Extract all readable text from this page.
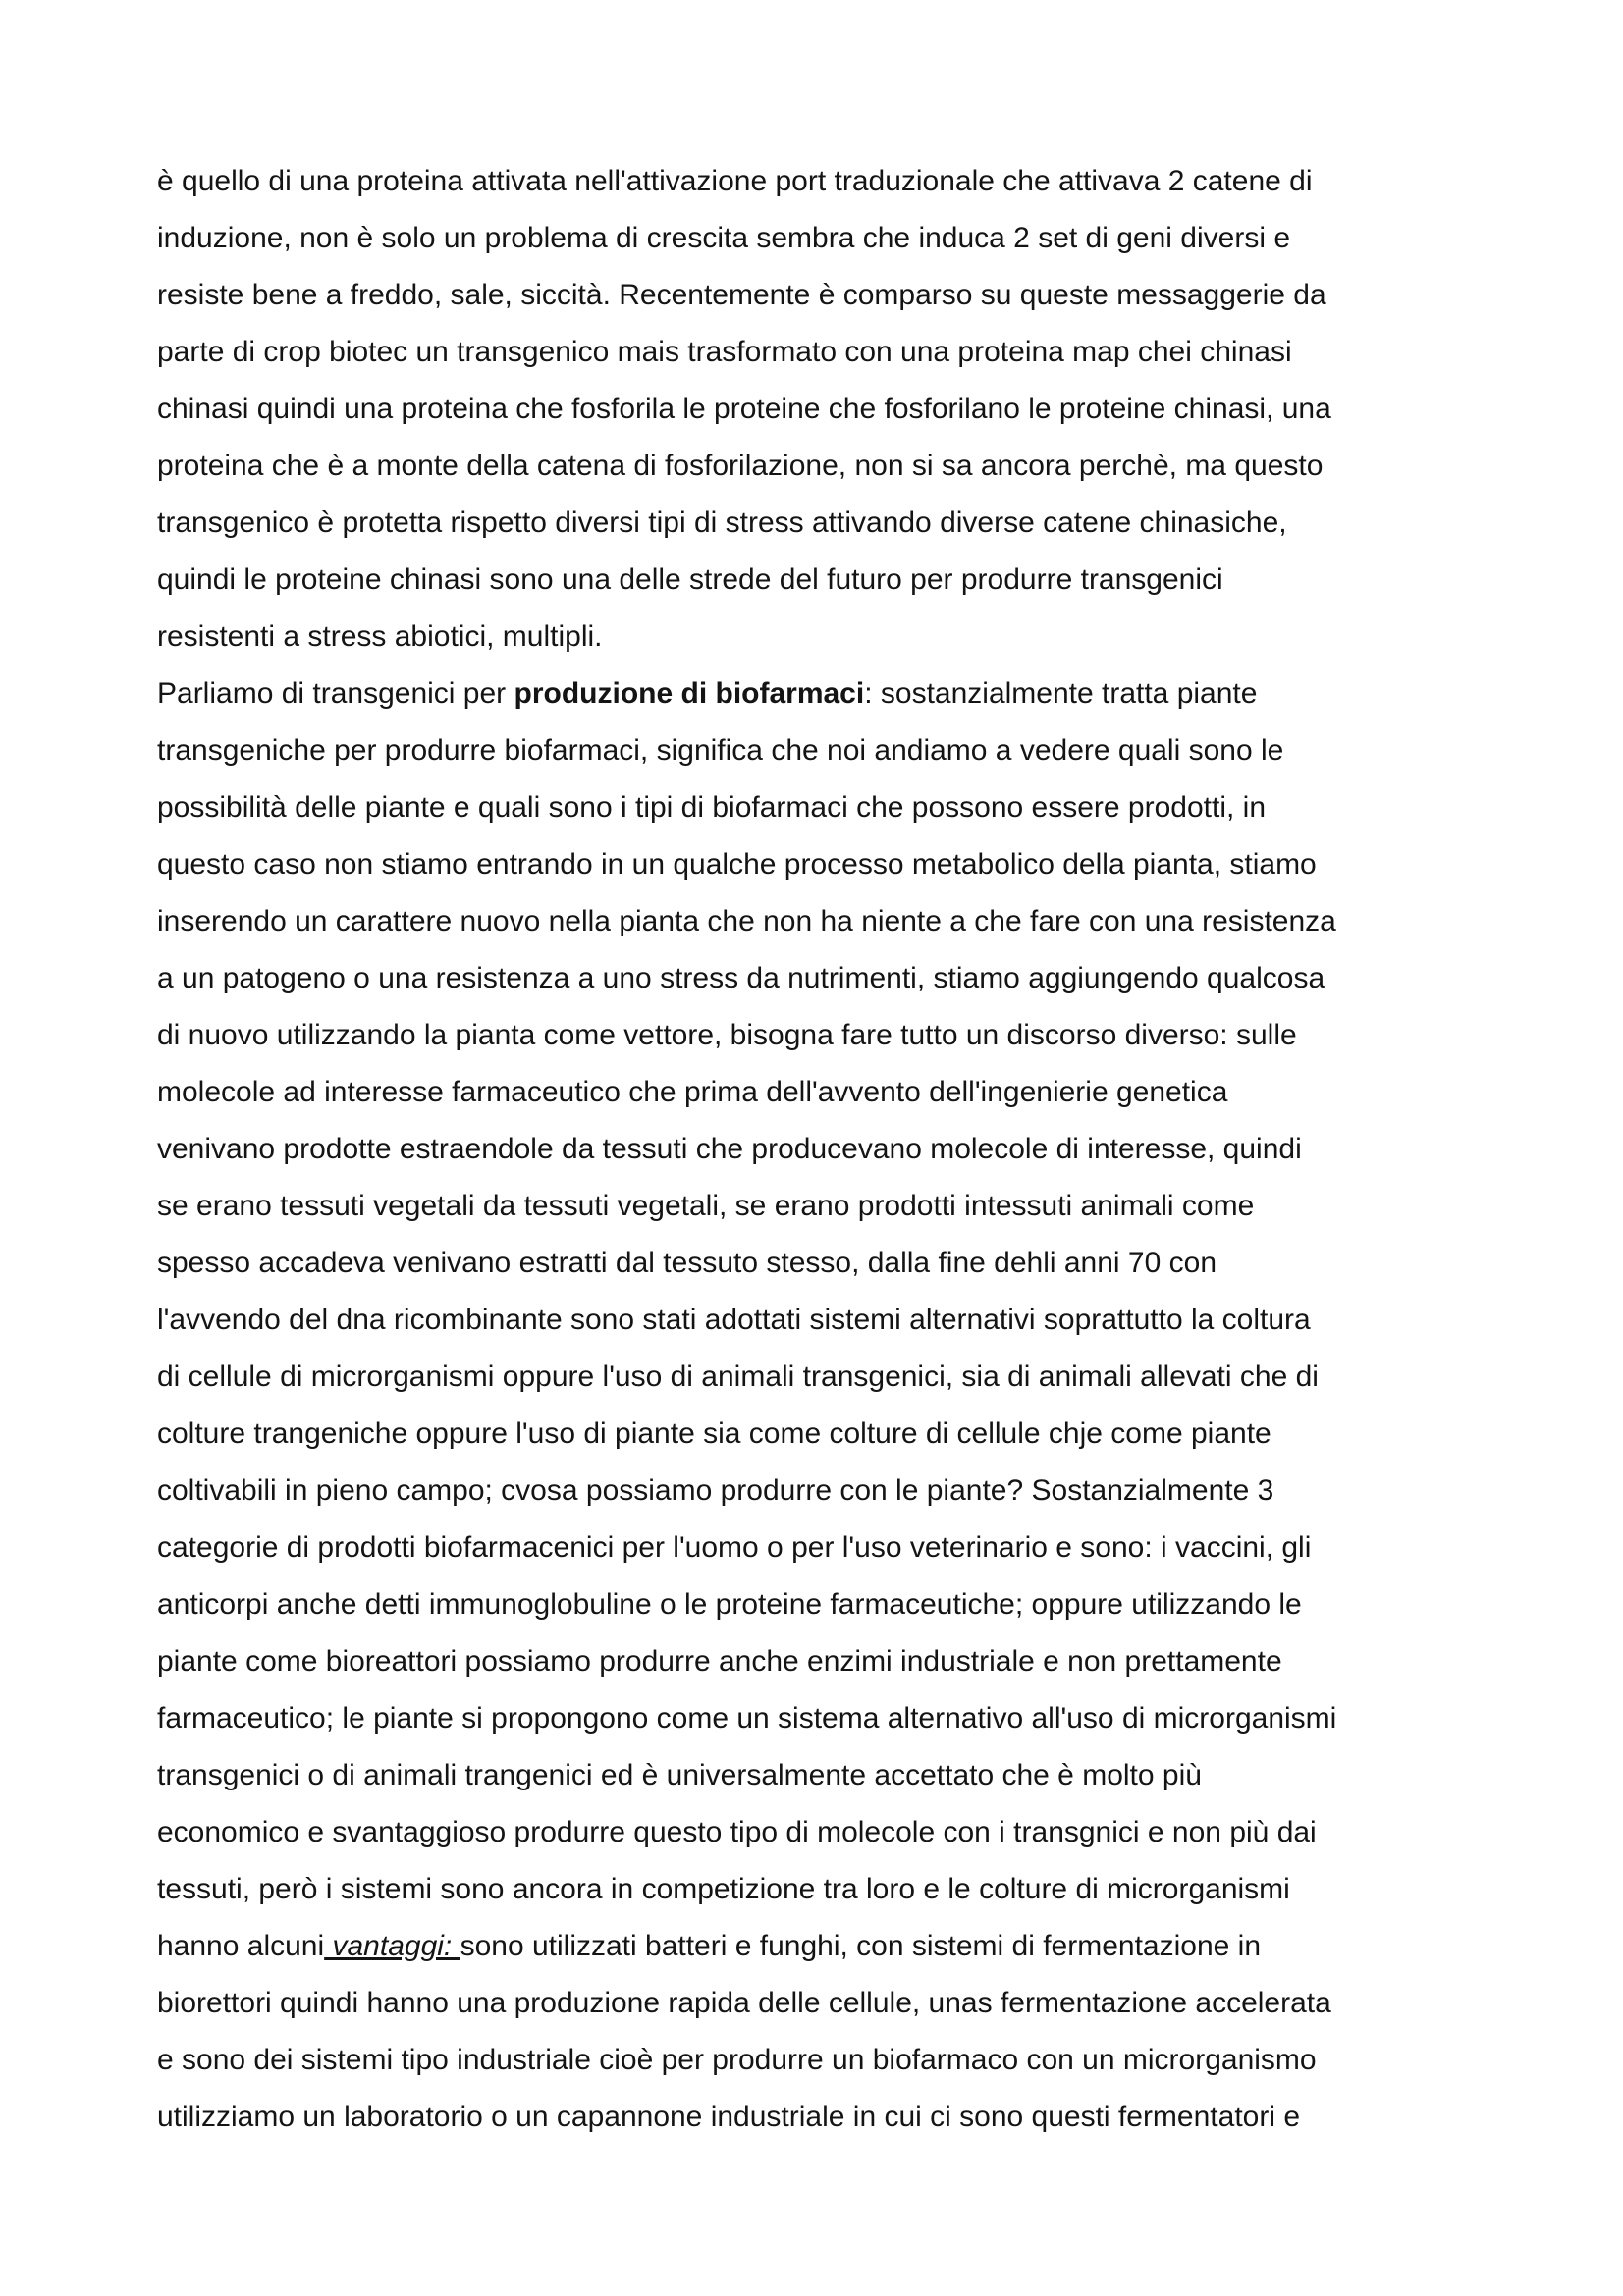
è quello di una proteina attivata nell'attivazione port traduzionale che attivava 2 catene di
induzione, non è solo un problema di crescita sembra che induca 2 set di geni diversi e
resiste bene a freddo, sale, siccità. Recentemente è comparso su queste messaggerie da
parte di crop biotec un transgenico mais trasformato con una proteina map chei chinasi
chinasi quindi una proteina che fosforila le proteine che fosforilano le proteine chinasi, una
proteina che è a monte della catena di fosforilazione, non si sa ancora perchè, ma questo
transgenico è protetta rispetto diversi tipi di stress attivando diverse catene chinasiche,
quindi le proteine chinasi sono una delle strede del futuro per produrre transgenici
resistenti a stress abiotici, multipli.
Parliamo di transgenici per produzione di biofarmaci: sostanzialmente tratta piante
transgeniche per produrre biofarmaci, significa che noi andiamo a vedere quali sono le
possibilità delle piante e quali sono i tipi di biofarmaci che possono essere prodotti, in
questo caso non stiamo entrando in un qualche processo metabolico della pianta, stiamo
inserendo un carattere nuovo nella pianta che non ha niente a che fare con una resistenza
a un patogeno o una resistenza a uno stress da nutrimenti, stiamo aggiungendo qualcosa
di nuovo utilizzando la pianta come vettore, bisogna fare tutto un discorso diverso: sulle
molecole ad interesse farmaceutico che prima dell'avvento dell'ingenierie genetica
venivano prodotte estraendole da tessuti che producevano molecole di interesse, quindi
se erano tessuti vegetali da tessuti vegetali, se erano prodotti intessuti animali come
spesso accadeva venivano estratti dal tessuto stesso, dalla fine dehli anni 70 con
l'avvendo del dna ricombinante sono stati adottati sistemi alternativi soprattutto la coltura
di cellule di microrganismi oppure l'uso di animali transgenici, sia di animali allevati che di
colture trangeniche oppure l'uso di piante sia come colture di cellule chje come piante
coltivabili in pieno campo; cvosa possiamo produrre con le piante? Sostanzialmente 3
categorie di prodotti biofarmacenici per l'uomo o per l'uso veterinario e sono: i vaccini, gli
anticorpi anche detti immunoglobuline o le proteine farmaceutiche; oppure utilizzando le
piante come bioreattori possiamo produrre anche enzimi industriale e non prettamente
farmaceutico; le piante si propongono come un sistema alternativo all'uso di microrganismi
transgenici o di animali trangenici ed è universalmente accettato che è molto più
economico e svantaggioso produrre questo tipo di molecole con i transgnici e non più dai
tessuti, però i sistemi sono ancora in competizione tra loro e le colture di microrganismi
hanno alcuni vantaggi: sono utilizzati batteri e funghi, con sistemi di fermentazione in
biorettori quindi hanno una produzione rapida delle cellule, unas fermentazione accelerata
e sono dei sistemi tipo industriale cioè per produrre un biofarmaco con un microrganismo
utilizziamo un laboratorio o un capannone industriale in cui ci sono questi fermentatori e
